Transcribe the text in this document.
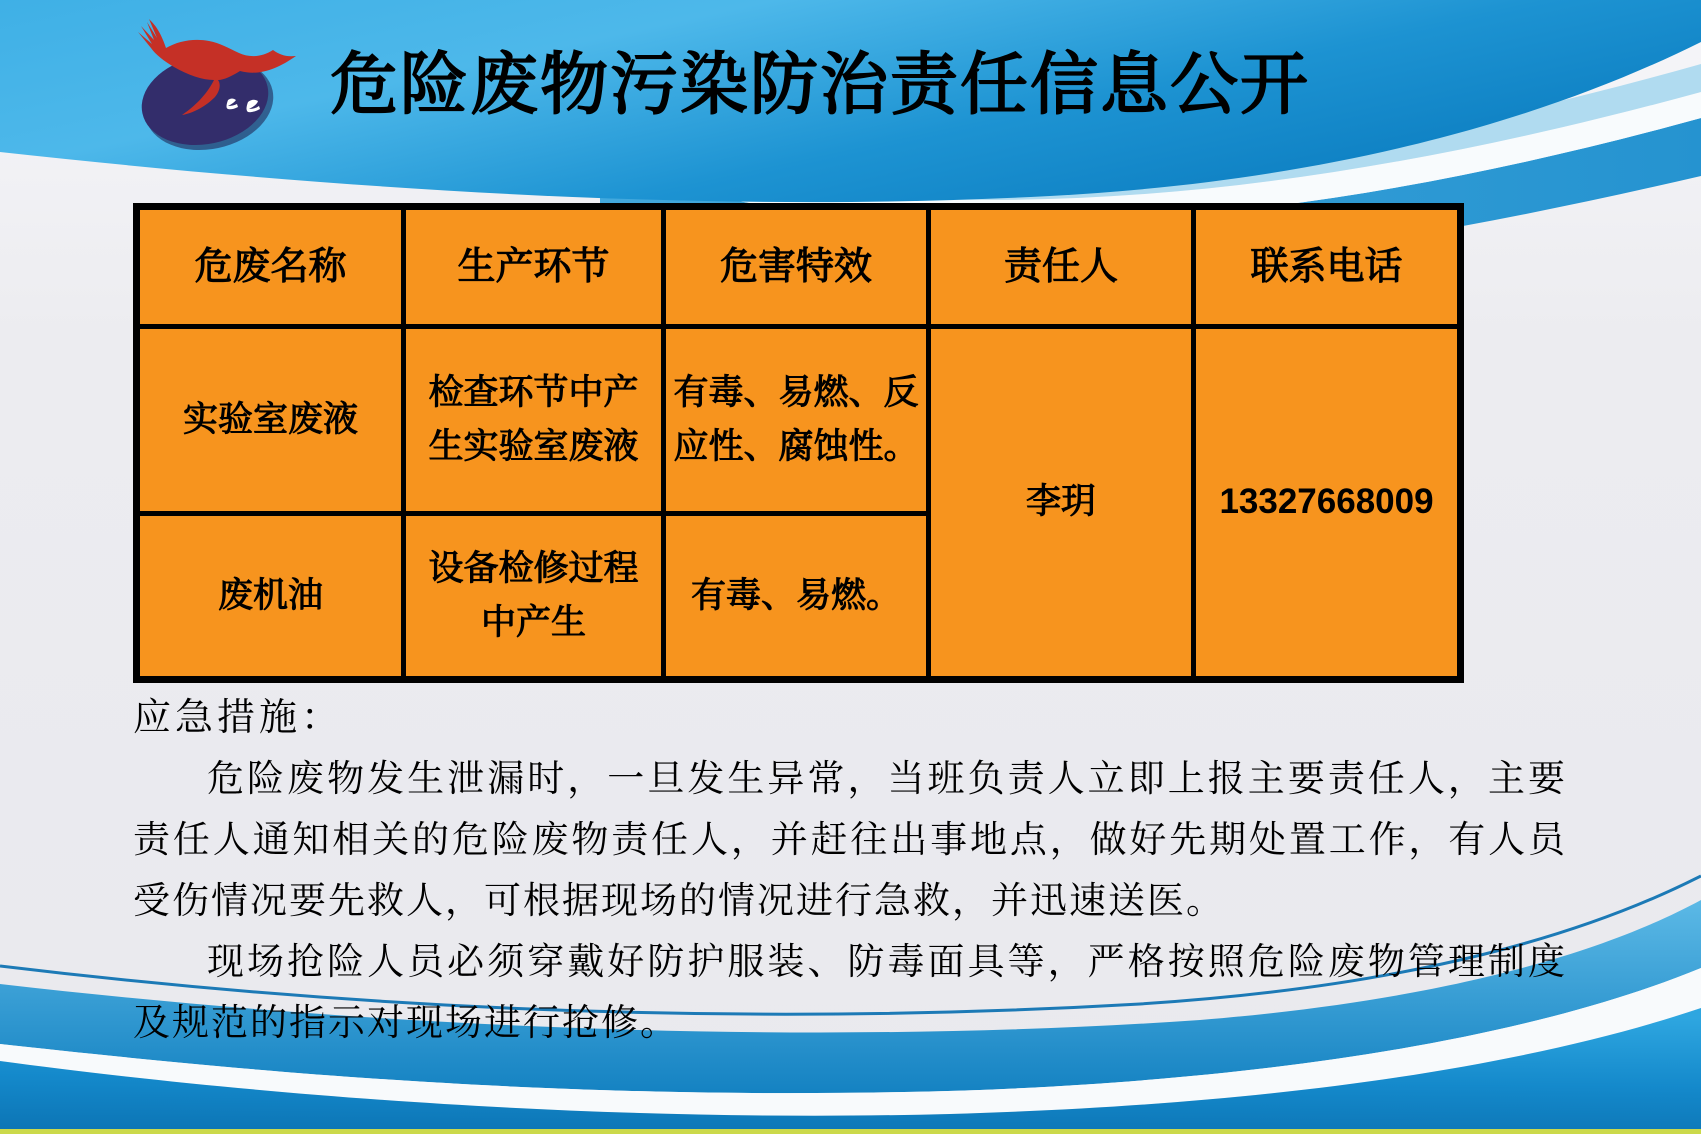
危险废物污染防治责任信息公开
危废名称	生产环节	危害特效	责任人	联系电话
实验室废液	检查环节中产生实验室废液	有毒、易燃、反应性、腐蚀性。	李玥	13327668009
废机油	设备检修过程中产生	有毒、易燃。		
应急措施：

危险废物发生泄漏时，一旦发生异常，当班负责人立即上报主要责任人，主要责任人通知相关的危险废物责任人，并赶往出事地点，做好先期处置工作，有人员受伤情况要先救人，可根据现场的情况进行急救，并迅速送医。

现场抢险人员必须穿戴好防护服装、防毒面具等，严格按照危险废物管理制度及规范的指示对现场进行抢修。
